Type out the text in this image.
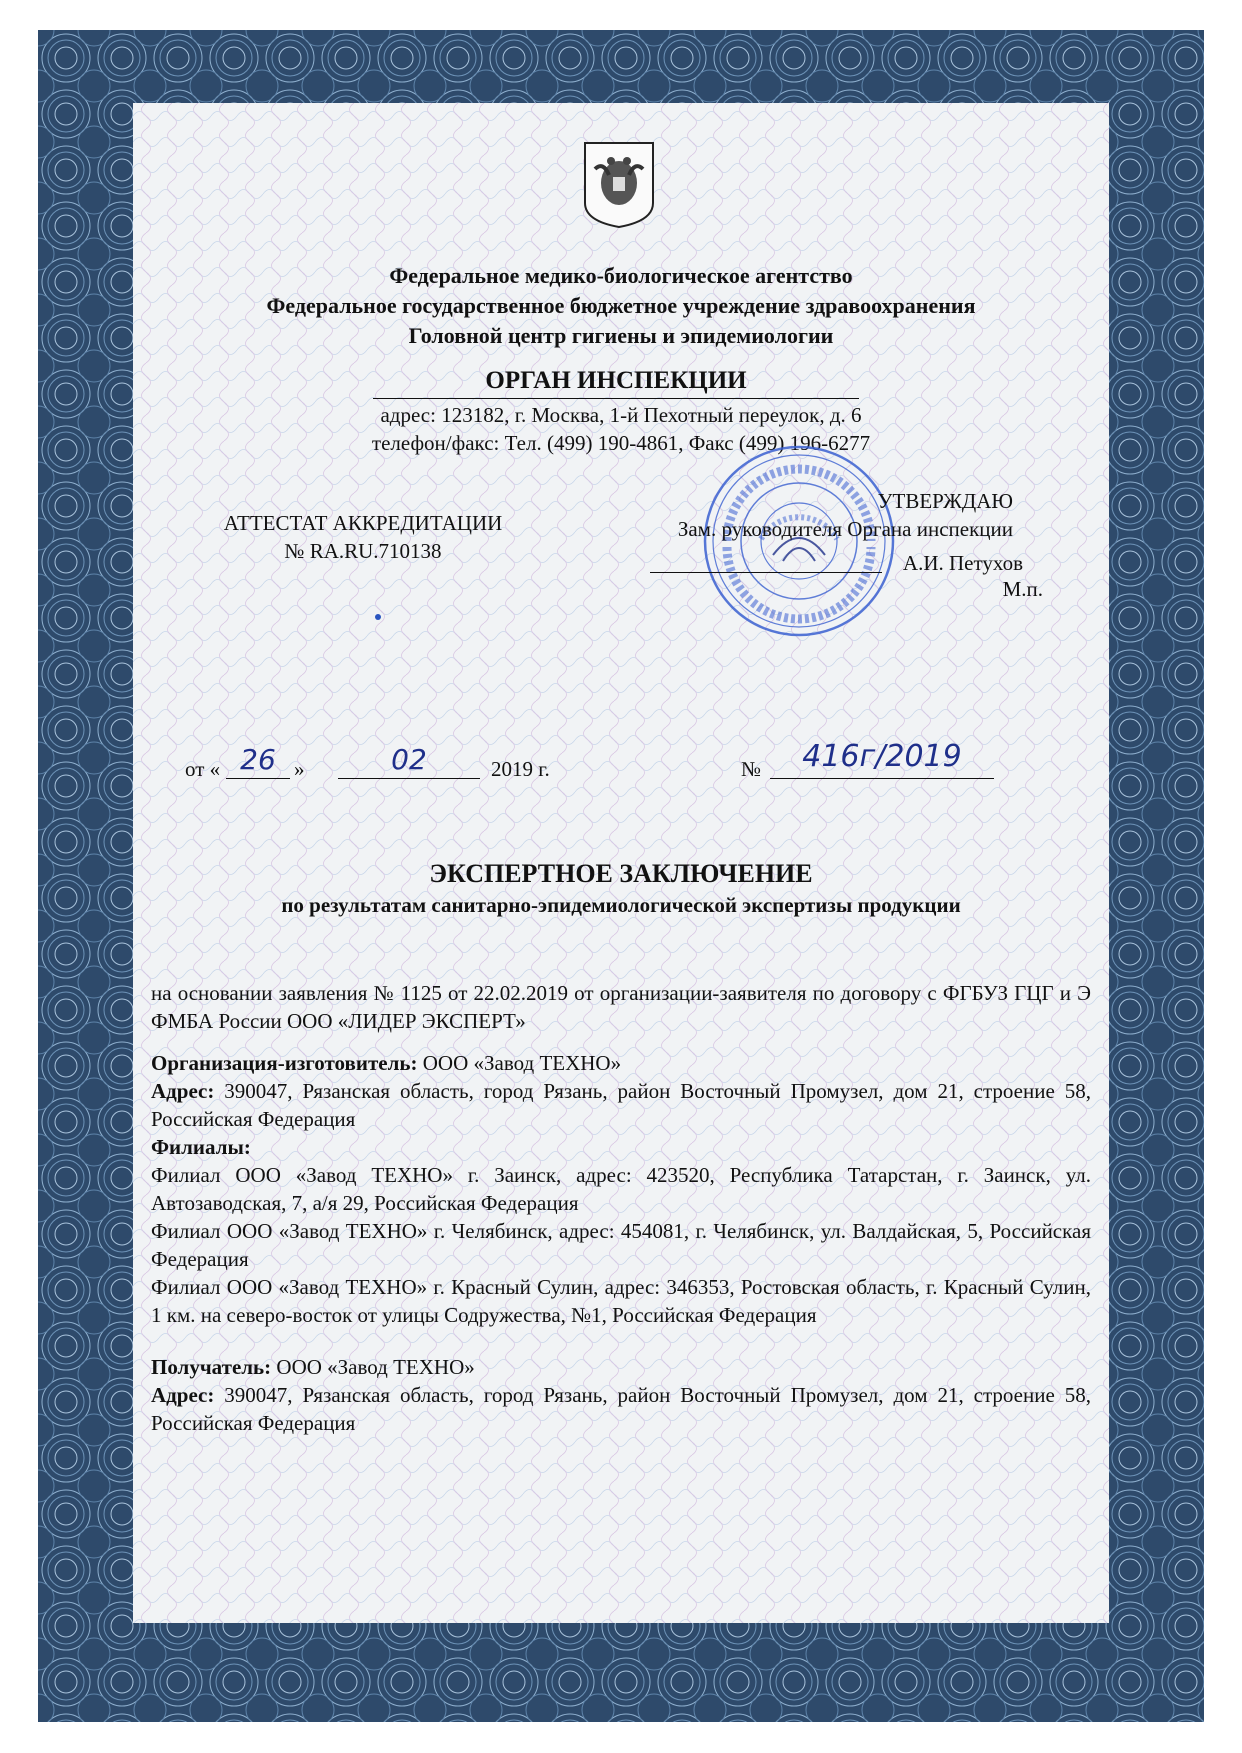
Федеральное медико-биологическое агентство
Федеральное государственное бюджетное учреждение здравоохранения
Головной центр гигиены и эпидемиологии
ОРГАН ИНСПЕКЦИИ
адрес: 123182, г. Москва, 1-й Пехотный переулок, д. 6
телефон/факс: Тел. (499) 190-4861, Факс (499) 196-6277
АТТЕСТАТ АККРЕДИТАЦИИ
№ RA.RU.710138
УТВЕРЖДАЮ
Зам. руководителя Органа инспекции
А.И. Петухов
М.п.
от « 26 »	02	2019 г.	№	416г/2019
ЭКСПЕРТНОЕ ЗАКЛЮЧЕНИЕ
по результатам санитарно-эпидемиологической экспертизы продукции

на основании заявления № 1125 от 22.02.2019 от организации-заявителя по договору с ФГБУЗ ГЦГ и Э ФМБА России ООО «ЛИДЕР ЭКСПЕРТ»

Организация-изготовитель: ООО «Завод ТЕХНО»

Адрес: 390047, Рязанская область, город Рязань, район Восточный Промузел, дом 21, строение 58, Российская Федерация

Филиалы:

Филиал ООО «Завод ТЕХНО» г. Заинск, адрес: 423520, Республика Татарстан, г. Заинск, ул. Автозаводская, 7, а/я 29, Российская Федерация

Филиал ООО «Завод ТЕХНО» г. Челябинск, адрес: 454081, г. Челябинск, ул. Валдайская, 5, Российская Федерация

Филиал ООО «Завод ТЕХНО» г. Красный Сулин, адрес: 346353, Ростовская область, г. Красный Сулин, 1 км. на северо-восток от улицы Содружества, №1, Российская Федерация

Получатель: ООО «Завод ТЕХНО»

Адрес: 390047, Рязанская область, город Рязань, район Восточный Промузел, дом 21, строение 58, Российская Федерация
